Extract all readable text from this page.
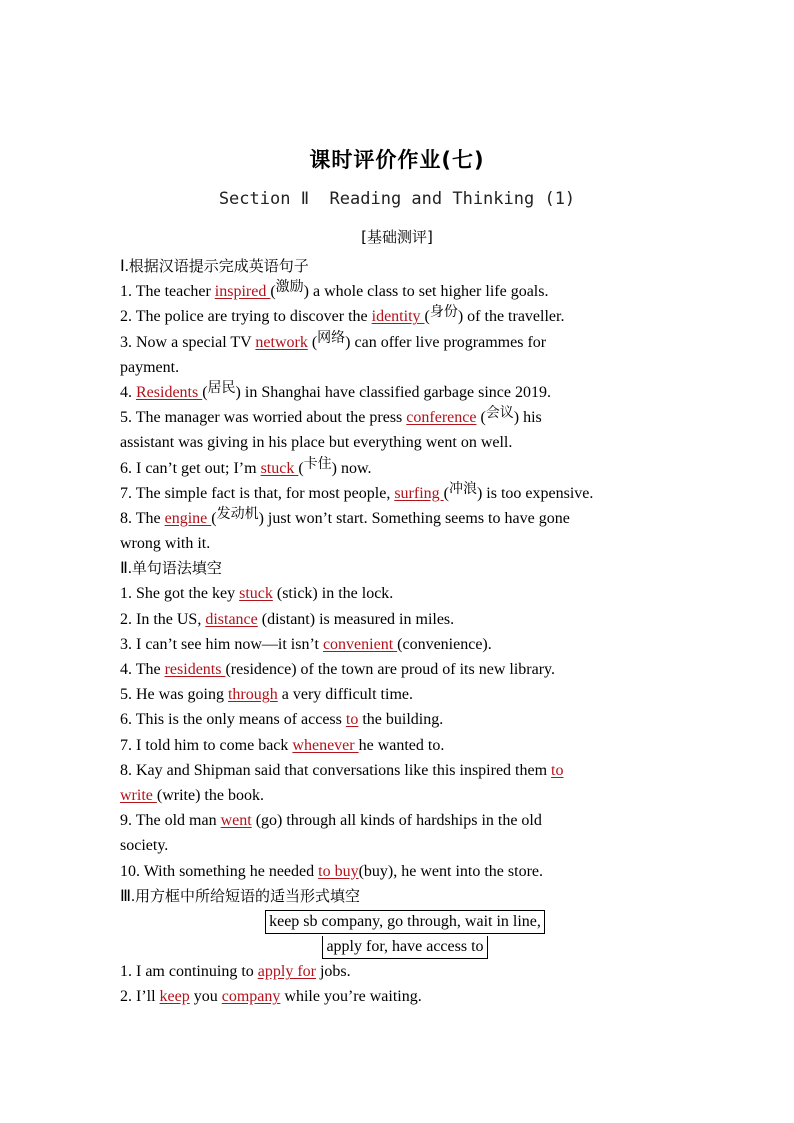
课时评价作业(七)
Section Ⅱ  Reading and Thinking (1)
[基础测评]
Ⅰ.根据汉语提示完成英语句子
1. The teacher inspired (激励) a whole class to set higher life goals.
2. The police are trying to discover the identity (身份) of the traveller.
3. Now a special TV network (网络) can offer live programmes for
payment.
4. Residents (居民) in Shanghai have classified garbage since 2019.
5. The manager was worried about the press conference (会议) his
assistant was giving in his place but everything went on well.
6. I can’t get out; I’m stuck (卡住) now.
7. The simple fact is that, for most people, surfing (冲浪) is too expensive.
8. The engine (发动机) just won’t start. Something seems to have gone
wrong with it.
Ⅱ.单句语法填空
1. She got the key stuck (stick) in the lock.
2. In the US, distance (distant) is measured in miles.
3. I can’t see him now—it isn’t convenient (convenience).
4. The residents (residence) of the town are proud of its new library.
5. He was going through a very difficult time.
6. This is the only means of access to the building.
7. I told him to come back whenever he wanted to.
8. Kay and Shipman said that conversations like this inspired them to
write (write) the book.
9. The old man went (go) through all kinds of hardships in the old
society.
10. With something he needed to buy(buy), he went into the store.
Ⅲ.用方框中所给短语的适当形式填空
keep sb company, go through, wait in line,
apply for, have access to
1. I am continuing to apply for jobs.
2. I’ll keep you company while you’re waiting.
